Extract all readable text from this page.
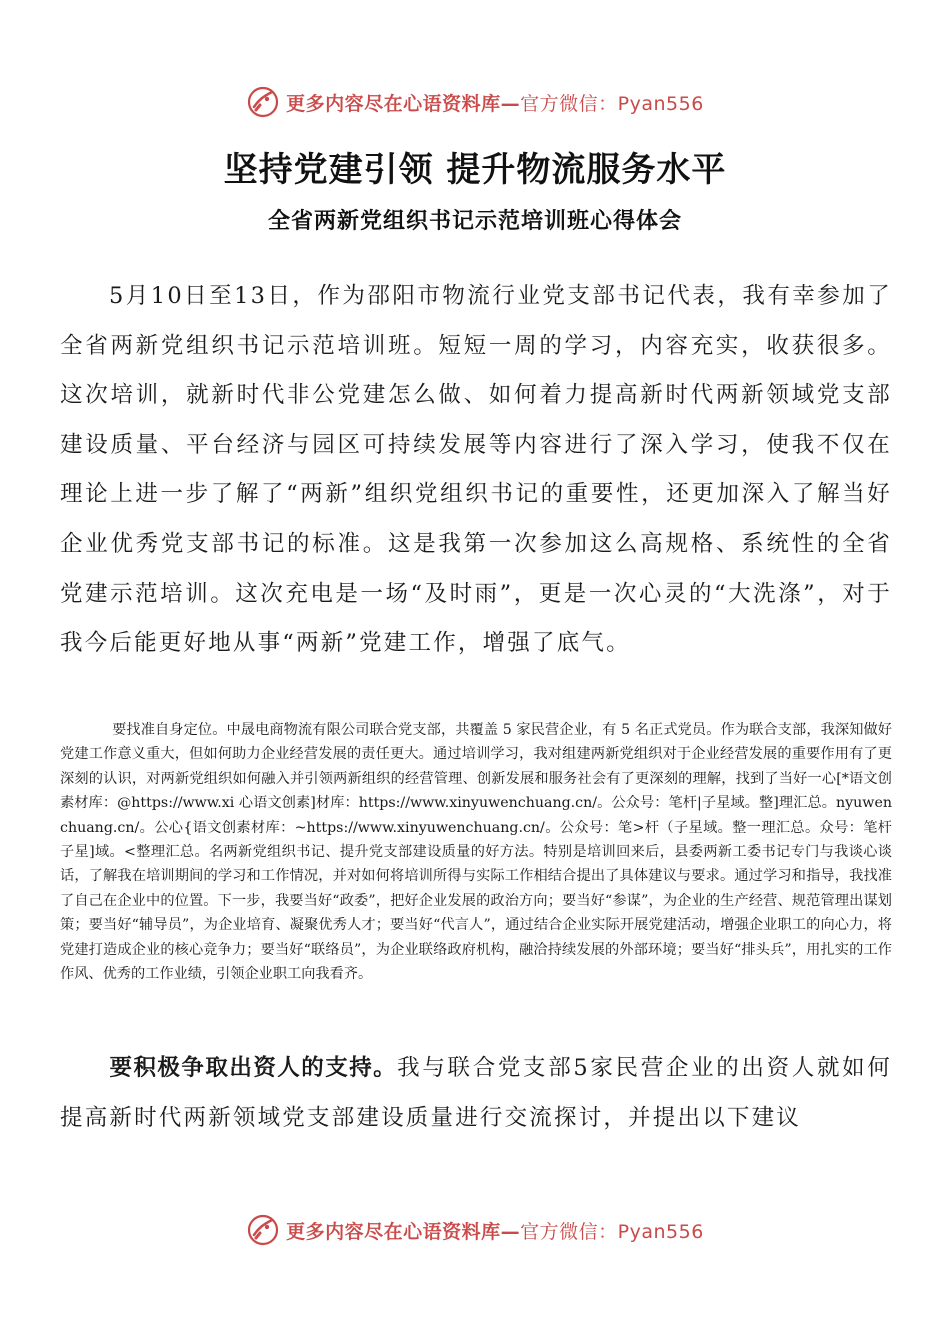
更多内容尽在心语资料库—官方微信：Pyan556
坚持党建引领 提升物流服务水平
全省两新党组织书记示范培训班心得体会

5月10日至13日，作为邵阳市物流行业党支部书记代表，我有幸参加了全省两新党组织书记示范培训班。短短一周的学习，内容充实，收获很多。这次培训，就新时代非公党建怎么做、如何着力提高新时代两新领域党支部建设质量、平台经济与园区可持续发展等内容进行了深入学习，使我不仅在理论上进一步了解了“两新”组织党组织书记的重要性，还更加深入了解当好企业优秀党支部书记的标准。这是我第一次参加这么高规格、系统性的全省党建示范培训。这次充电是一场“及时雨”，更是一次心灵的“大洗涤”，对于我今后能更好地从事“两新”党建工作，增强了底气。

要找准自身定位。中晟电商物流有限公司联合党支部，共覆盖 5 家民营企业，有 5 名正式党员。作为联合支部，我深知做好党建工作意义重大，但如何助力企业经营发展的责任更大。通过培训学习，我对组建两新党组织对于企业经营发展的重要作用有了更深刻的认识，对两新党组织如何融入并引领两新组织的经营管理、创新发展和服务社会有了更深刻的理解，找到了当好一心[*语文创素材库：@https://www.xi 心语文创素]材库：https://www.xinyuwenchuang.cn/。公众号：笔杆|子星域。整]理汇总。nyuwenchuang.cn/。公心{语文创素材库：~https://www.xinyuwenchuang.cn/。公众号：笔>杆（子星域。整一理汇总。众号：笔杆子星]域。<整理汇总。名两新党组织书记、提升党支部建设质量的好方法。特别是培训回来后，县委两新工委书记专门与我谈心谈话，了解我在培训期间的学习和工作情况，并对如何将培训所得与实际工作相结合提出了具体建议与要求。通过学习和指导，我找准了自己在企业中的位置。下一步，我要当好“政委”，把好企业发展的政治方向；要当好“参谋”，为企业的生产经营、规范管理出谋划策；要当好“辅导员”，为企业培育、凝聚优秀人才；要当好“代言人”，通过结合企业实际开展党建活动，增强企业职工的向心力，将党建打造成企业的核心竞争力；要当好“联络员”，为企业联络政府机构，融洽持续发展的外部环境；要当好“排头兵”，用扎实的工作作风、优秀的工作业绩，引领企业职工向我看齐。

要积极争取出资人的支持。我与联合党支部5家民营企业的出资人就如何提高新时代两新领域党支部建设质量进行交流探讨，并提出以下建议

更多内容尽在心语资料库—官方微信：Pyan556
